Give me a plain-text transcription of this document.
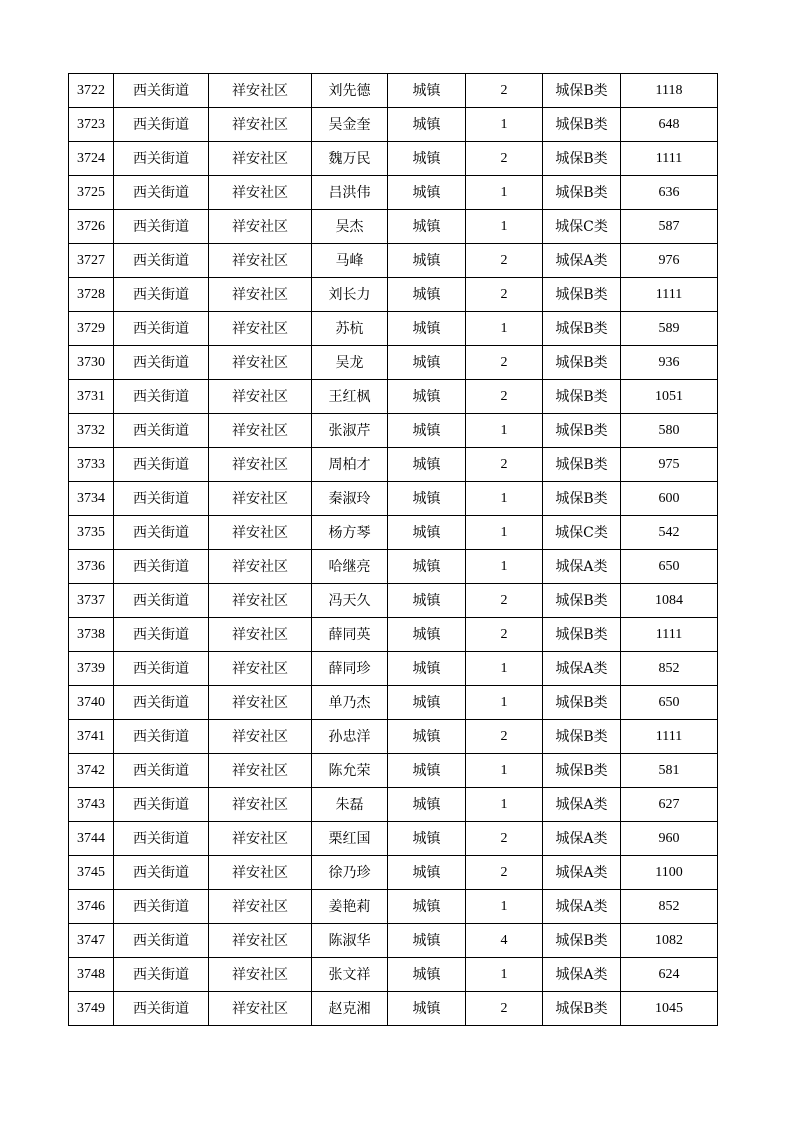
3722	西关街道	祥安社区	刘先德	城镇	2	城保B类	1118
3723	西关街道	祥安社区	吴金奎	城镇	1	城保B类	648
3724	西关街道	祥安社区	魏万民	城镇	2	城保B类	1111
3725	西关街道	祥安社区	吕洪伟	城镇	1	城保B类	636
3726	西关街道	祥安社区	吴杰	城镇	1	城保C类	587
3727	西关街道	祥安社区	马峰	城镇	2	城保A类	976
3728	西关街道	祥安社区	刘长力	城镇	2	城保B类	1111
3729	西关街道	祥安社区	苏杭	城镇	1	城保B类	589
3730	西关街道	祥安社区	吴龙	城镇	2	城保B类	936
3731	西关街道	祥安社区	王红枫	城镇	2	城保B类	1051
3732	西关街道	祥安社区	张淑芹	城镇	1	城保B类	580
3733	西关街道	祥安社区	周柏才	城镇	2	城保B类	975
3734	西关街道	祥安社区	秦淑玲	城镇	1	城保B类	600
3735	西关街道	祥安社区	杨方琴	城镇	1	城保C类	542
3736	西关街道	祥安社区	哈继亮	城镇	1	城保A类	650
3737	西关街道	祥安社区	冯天久	城镇	2	城保B类	1084
3738	西关街道	祥安社区	薛同英	城镇	2	城保B类	1111
3739	西关街道	祥安社区	薛同珍	城镇	1	城保A类	852
3740	西关街道	祥安社区	单乃杰	城镇	1	城保B类	650
3741	西关街道	祥安社区	孙忠洋	城镇	2	城保B类	1111
3742	西关街道	祥安社区	陈允荣	城镇	1	城保B类	581
3743	西关街道	祥安社区	朱磊	城镇	1	城保A类	627
3744	西关街道	祥安社区	栗红国	城镇	2	城保A类	960
3745	西关街道	祥安社区	徐乃珍	城镇	2	城保A类	1100
3746	西关街道	祥安社区	姜艳莉	城镇	1	城保A类	852
3747	西关街道	祥安社区	陈淑华	城镇	4	城保B类	1082
3748	西关街道	祥安社区	张文祥	城镇	1	城保A类	624
3749	西关街道	祥安社区	赵克湘	城镇	2	城保B类	1045
